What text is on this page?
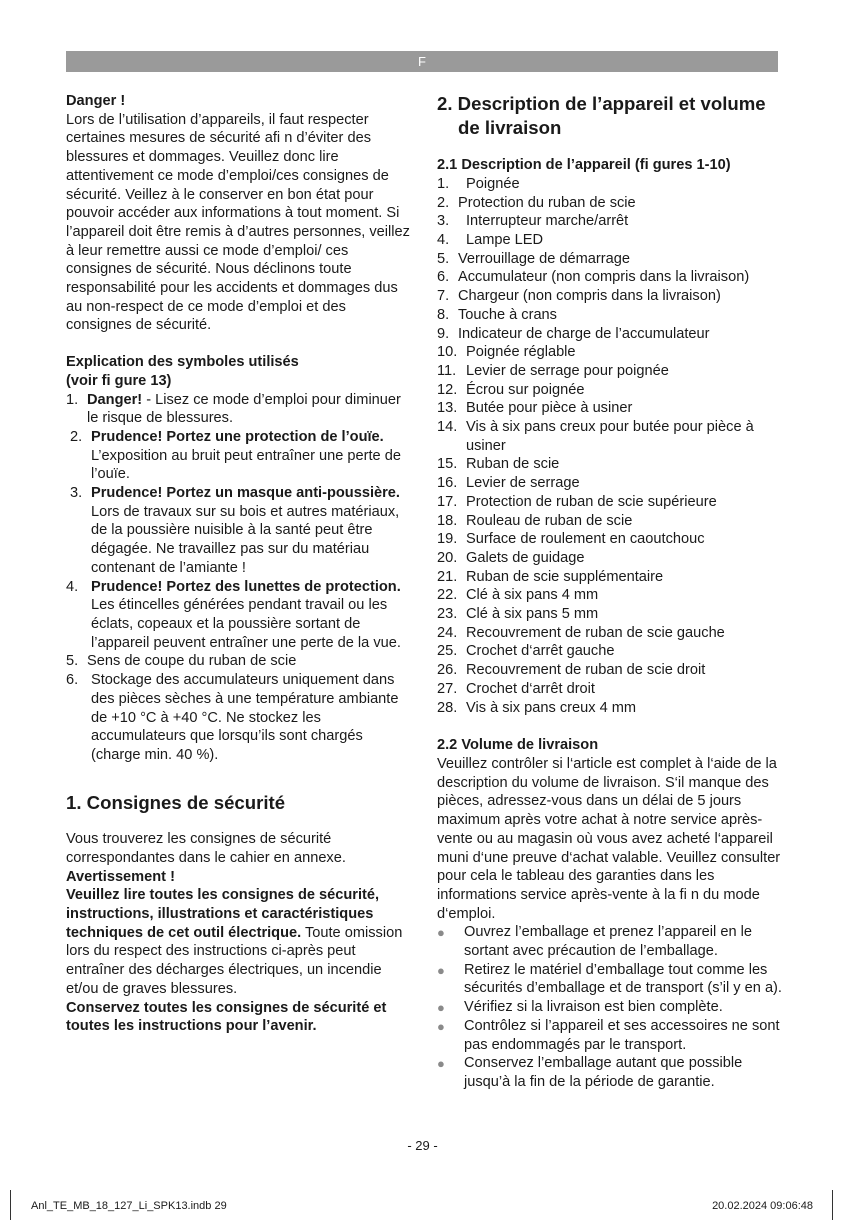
F

Danger !

Lors de l’utilisation d’appareils, il faut respecter certaines mesures de sécurité afi n d’éviter des blessures et dommages. Veuillez donc lire attentivement ce mode d’emploi/ces consignes de sécurité. Veillez à le conserver en bon état pour pouvoir accéder aux informations à tout moment. Si l’appareil doit être remis à d’autres personnes, veillez à leur remettre aussi ce mode d’emploi/ ces consignes de sécurité. Nous déclinons toute responsabilité pour les accidents et dommages dus au non-respect de ce mode d’emploi et des consignes de sécurité.

Explication des symboles utilisés
(voir fi gure 13)

1. Danger! - Lisez ce mode d’emploi pour diminuer le risque de blessures.
2. Prudence! Portez une protection de l’ouïe. L’exposition au bruit peut entraîner une perte de l’ouïe.
3. Prudence! Portez un masque anti-poussière. Lors de travaux sur su bois et autres matériaux, de la poussière nuisible à la santé peut être dégagée. Ne travaillez pas sur du matériau contenant de l’amiante !
4. Prudence! Portez des lunettes de protection. Les étincelles générées pendant travail ou les éclats, copeaux et la poussière sortant de l’appareil peuvent entraîner une perte de la vue.
5. Sens de coupe du ruban de scie
6. Stockage des accumulateurs uniquement dans des pièces sèches à une température ambiante de +10 °C à +40 °C. Ne stockez les accumulateurs que lorsqu’ils sont chargés (charge min. 40 %).

1. Consignes de sécurité

Vous trouverez les consignes de sécurité correspondantes dans le cahier en annexe.

Avertissement !

Veuillez lire toutes les consignes de sécurité, instructions, illustrations et caractéristiques techniques de cet outil électrique. Toute omission lors du respect des instructions ci-après peut entraîner des décharges électriques, un incendie et/ou de graves blessures.

Conservez toutes les consignes de sécurité et toutes les instructions pour l’avenir.

2. Description de l’appareil et volume de livraison

2.1 Description de l’appareil (fi gures 1-10)

1.	Poignée
2. Protection du ruban de scie
3.	Interrupteur marche/arrêt
4.	Lampe LED
5. Verrouillage de démarrage
6. Accumulateur (non compris dans la livraison)
7. Chargeur (non compris dans la livraison)
8. Touche à crans
9. Indicateur de charge de l’accumulateur
10. Poignée réglable
11. Levier de serrage pour poignée
12. Écrou sur poignée
13. Butée pour pièce à usiner
14. Vis à six pans creux pour butée pour pièce à usiner
15. Ruban de scie
16. Levier de serrage
17. Protection de ruban de scie supérieure
18. Rouleau de ruban de scie
19. Surface de roulement en caoutchouc
20. Galets de guidage
21. Ruban de scie supplémentaire
22. Clé à six pans 4 mm
23. Clé à six pans 5 mm
24. Recouvrement de ruban de scie gauche
25. Crochet d‘arrêt gauche
26. Recouvrement de ruban de scie droit
27. Crochet d‘arrêt droit
28. Vis à six pans creux 4 mm

2.2 Volume de livraison

Veuillez contrôler si l‘article est complet à l‘aide de la description du volume de livraison. S‘il manque des pièces, adressez-vous dans un délai de 5 jours maximum après votre achat à notre service après-vente ou au magasin où vous avez acheté l‘appareil muni d‘une preuve d‘achat valable. Veuillez consulter pour cela le tableau des garanties dans les informations service après-vente à la fi n du mode d‘emploi.

● Ouvrez l’emballage et prenez l’appareil en le sortant avec précaution de l’emballage.
● Retirez le matériel d’emballage tout comme les sécurités d’emballage et de transport (s’il y en a).
● Vérifiez si la livraison est bien complète.
● Contrôlez si l’appareil et ses accessoires ne sont pas endommagés par le transport.
● Conservez l’emballage autant que possible jusqu’à la fin de la période de garantie.
- 29 -
Anl_TE_MB_18_127_Li_SPK13.indb 29	20.02.2024 09:06:48
